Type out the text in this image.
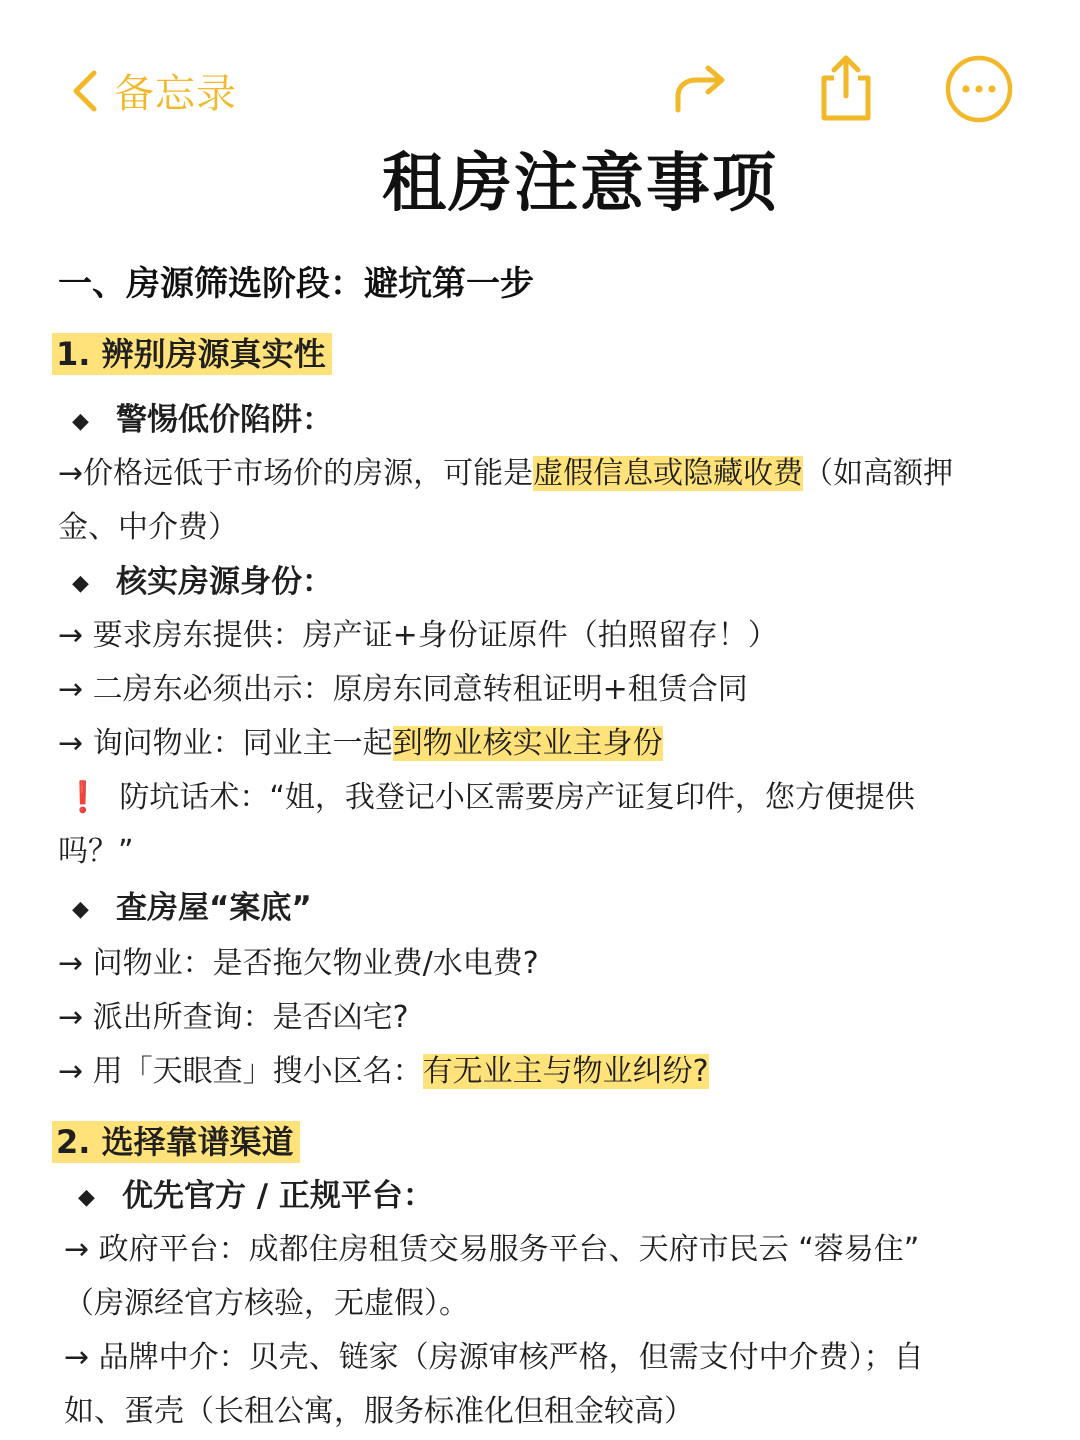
备忘录
租房注意事项
一、房源筛选阶段：避坑第一步
1. 辨别房源真实性
◆ 警惕低价陷阱：
→价格远低于市场价的房源，可能是虚假信息或隐藏收费（如高额押
金、中介费）
◆ 核实房源身份：
→ 要求房东提供：房产证+身份证原件（拍照留存！）
→ 二房东必须出示：原房东同意转租证明+租赁合同
→ 询问物业：同业主一起到物业核实业主身份
❗ 防坑话术：“姐，我登记小区需要房产证复印件，您方便提供
吗？”
◆ 查房屋“案底”
→ 问物业：是否拖欠物业费/水电费?
→ 派出所查询：是否凶宅?
→ 用「天眼查」搜小区名：有无业主与物业纠纷?
2. 选择靠谱渠道
◆ 优先官方 / 正规平台：
→ 政府平台：成都住房租赁交易服务平台、天府市民云 “蓉易住”
（房源经官方核验，无虚假）。
→ 品牌中介：贝壳、链家（房源审核严格，但需支付中介费）；自
如、蛋壳（长租公寓，服务标准化但租金较高）
